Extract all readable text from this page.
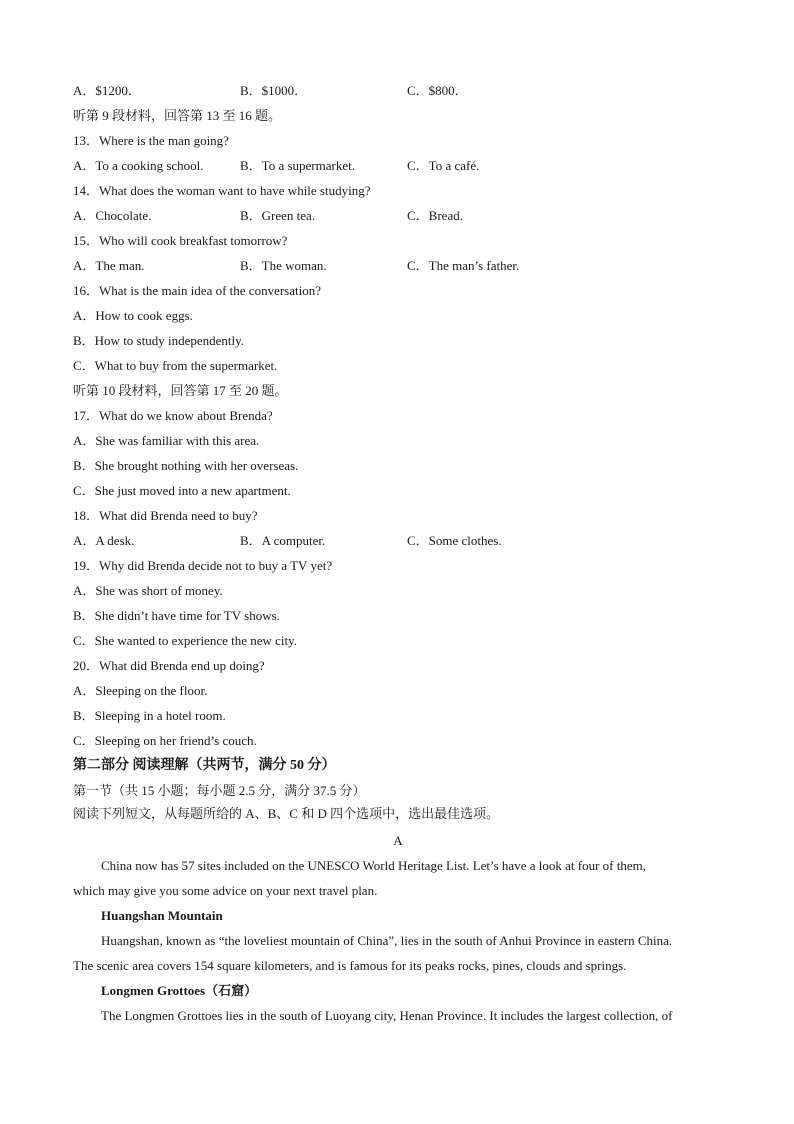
A．$1200．	B．$1000．	C．$800．
听第 9 段材料，回答第 13 至 16 题。
13．Where is the man going?
A．To a cooking school.	B．To a supermarket.	C．To a café.
14．What does the woman want to have while studying?
A．Chocolate.	B．Green tea.	C．Bread.
15．Who will cook breakfast tomorrow?
A．The man.	B．The woman.	C．The man’s father.
16．What is the main idea of the conversation?
A．How to cook eggs.
B．How to study independently.
C．What to buy from the supermarket.
听第 10 段材料，回答第 17 至 20 题。
17．What do we know about Brenda?
A．She was familiar with this area.
B．She brought nothing with her overseas.
C．She just moved into a new apartment.
18．What did Brenda need to buy?
A．A desk.	B．A computer.	C．Some clothes.
19．Why did Brenda decide not to buy a TV yet?
A．She was short of money.
B．She didn’t have time for TV shows.
C．She wanted to experience the new city.
20．What did Brenda end up doing?
A．Sleeping on the floor.
B．Sleeping in a hotel room.
C．Sleeping on her friend’s couch.
第二部分 阅读理解（共两节，满分 50 分）
第一节（共 15 小题；每小题 2.5 分，满分 37.5 分）
阅读下列短文，从每题所给的 A、B、C 和 D 四个选项中，选出最佳选项。
A
China now has 57 sites included on the UNESCO World Heritage List. Let’s have a look at four of them,
which may give you some advice on your next travel plan.
Huangshan Mountain
Huangshan, known as “the loveliest mountain of China”, lies in the south of Anhui Province in eastern China.
The scenic area covers 154 square kilometers, and is famous for its peaks rocks, pines, clouds and springs.
Longmen Grottoes（石窟）
The Longmen Grottoes lies in the south of Luoyang city, Henan Province. It includes the largest collection, of
